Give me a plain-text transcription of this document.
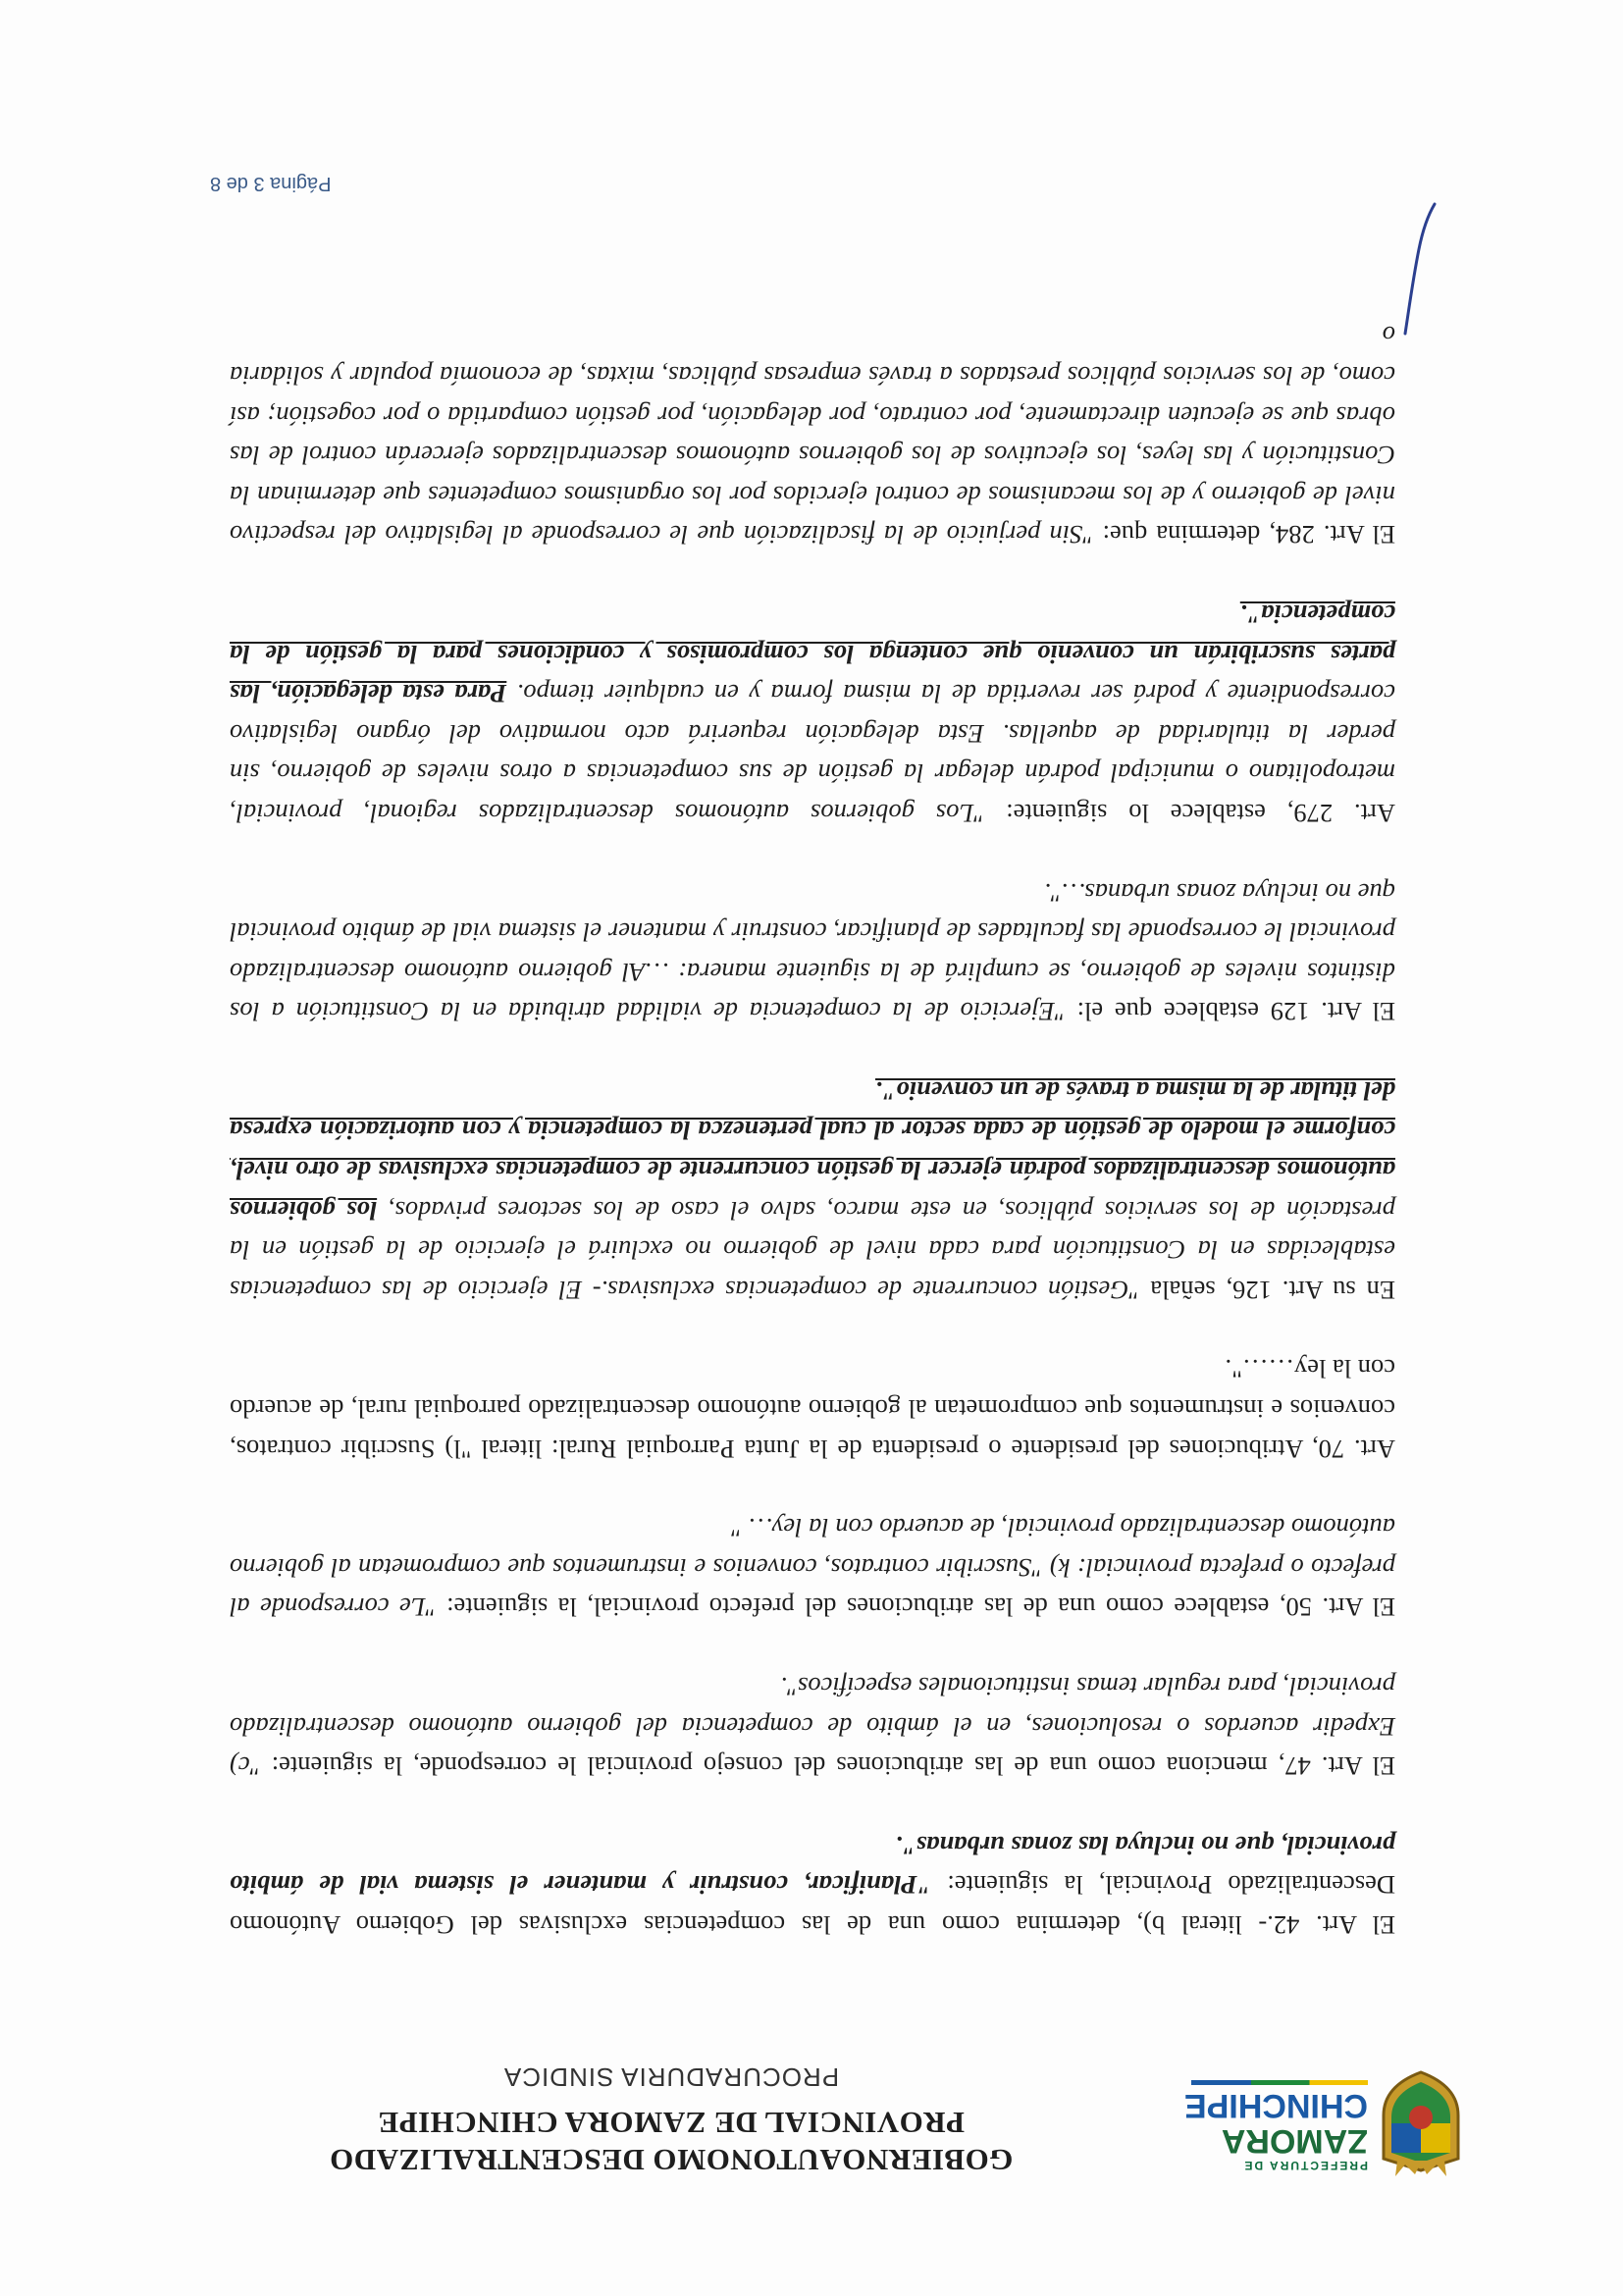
PREFECTURA DE
ZAMORA
CHINCHIPE
GOBIERNOAUTONOMO DESCENTRALIZADO
PROVINCIAL DE ZAMORA CHINCHIPE
PROCURADURIA SINDICA

El Art. 42.- literal b), determina como una de las competencias exclusivas del Gobierno Autónomo Descentralizado Provincial, la siguiente: "Planificar, construir y mantener el sistema vial de ámbito provincial, que no incluya las zonas urbanas".

El Art. 47, menciona como una de las atribuciones del consejo provincial le corresponde, la siguiente: "c) Expedir acuerdos o resoluciones, en el ámbito de competencia del gobierno autónomo descentralizado provincial, para regular temas institucionales específicos".

El Art. 50, establece como una de las atribuciones del prefecto provincial, la siguiente: "Le corresponde al prefecto o prefecta provincial: k) "Suscribir contratos, convenios e instrumentos que comprometan al gobierno autónomo descentralizado provincial, de acuerdo con la ley… "

Art. 70, Atribuciones del presidente o presidenta de la Junta Parroquial Rural: literal "l) Suscribir contratos, convenios e instrumentos que comprometan al gobierno autónomo descentralizado parroquial rural, de acuerdo con la ley……".

En su Art. 126, señala "Gestión concurrente de competencias exclusivas.- El ejercicio de las competencias establecidas en la Constitución para cada nivel de gobierno no excluirá el ejercicio de la gestión en la prestación de los servicios públicos, en este marco, salvo el caso de los sectores privados, los gobiernos autónomos descentralizados podrán ejercer la gestión concurrente de competencias exclusivas de otro nivel, conforme el modelo de gestión de cada sector al cual pertenezca la competencia y con autorización expresa del titular de la misma a través de un convenio".

El Art. 129 establece que el: "Ejercicio de la competencia de vialidad atribuida en la Constitución a los distintos niveles de gobierno, se cumplirá de la siguiente manera: …Al gobierno autónomo descentralizado provincial le corresponde las facultades de planificar, construir y mantener el sistema vial de ámbito provincial que no incluya zonas urbanas…".

Art. 279, establece lo siguiente: "Los gobiernos autónomos descentralizados regional, provincial, metropolitano o municipal podrán delegar la gestión de sus competencias a otros niveles de gobierno, sin perder la titularidad de aquellas. Esta delegación requerirá acto normativo del órgano legislativo correspondiente y podrá ser revertida de la misma forma y en cualquier tiempo. Para esta delegación, las partes suscribirán un convenio que contenga los compromisos y condiciones para la gestión de la competencia".

El Art. 284, determina que: "Sin perjuicio de la fiscalización que le corresponde al legislativo del respectivo nivel de gobierno y de los mecanismos de control ejercidos por los organismos competentes que determinan la Constitución y las leyes, los ejecutivos de los gobiernos autónomos descentralizados ejercerán control de las obras que se ejecuten directamente, por contrato, por delegación, por gestión compartida o por cogestión; así como, de los servicios públicos prestados a través empresas públicas, mixtas, de economía popular y solidaria o

Página 3 de 8
